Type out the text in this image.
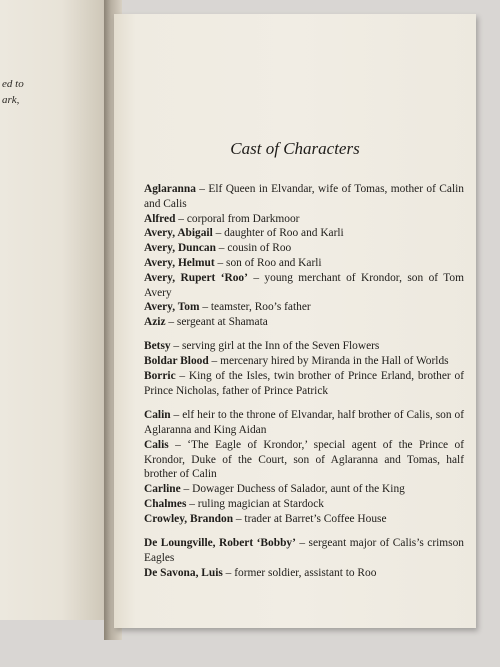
ed to
ark,
Cast of Characters

Aglaranna – Elf Queen in Elvandar, wife of Tomas, mother of Calin and Calis

Alfred – corporal from Darkmoor

Avery, Abigail – daughter of Roo and Karli

Avery, Duncan – cousin of Roo

Avery, Helmut – son of Roo and Karli

Avery, Rupert ‘Roo’ – young merchant of Krondor, son of Tom Avery

Avery, Tom – teamster, Roo’s father

Aziz – sergeant at Shamata

Betsy – serving girl at the Inn of the Seven Flowers

Boldar Blood – mercenary hired by Miranda in the Hall of Worlds

Borric – King of the Isles, twin brother of Prince Erland, brother of Prince Nicholas, father of Prince Patrick

Calin – elf heir to the throne of Elvandar, half brother of Calis, son of Aglaranna and King Aidan

Calis – ‘The Eagle of Krondor,’ special agent of the Prince of Krondor, Duke of the Court, son of Aglaranna and Tomas, half brother of Calin

Carline – Dowager Duchess of Salador, aunt of the King

Chalmes – ruling magician at Stardock

Crowley, Brandon – trader at Barret’s Coffee House

De Loungville, Robert ‘Bobby’ – sergeant major of Calis’s crimson Eagles

De Savona, Luis – former soldier, assistant to Roo
